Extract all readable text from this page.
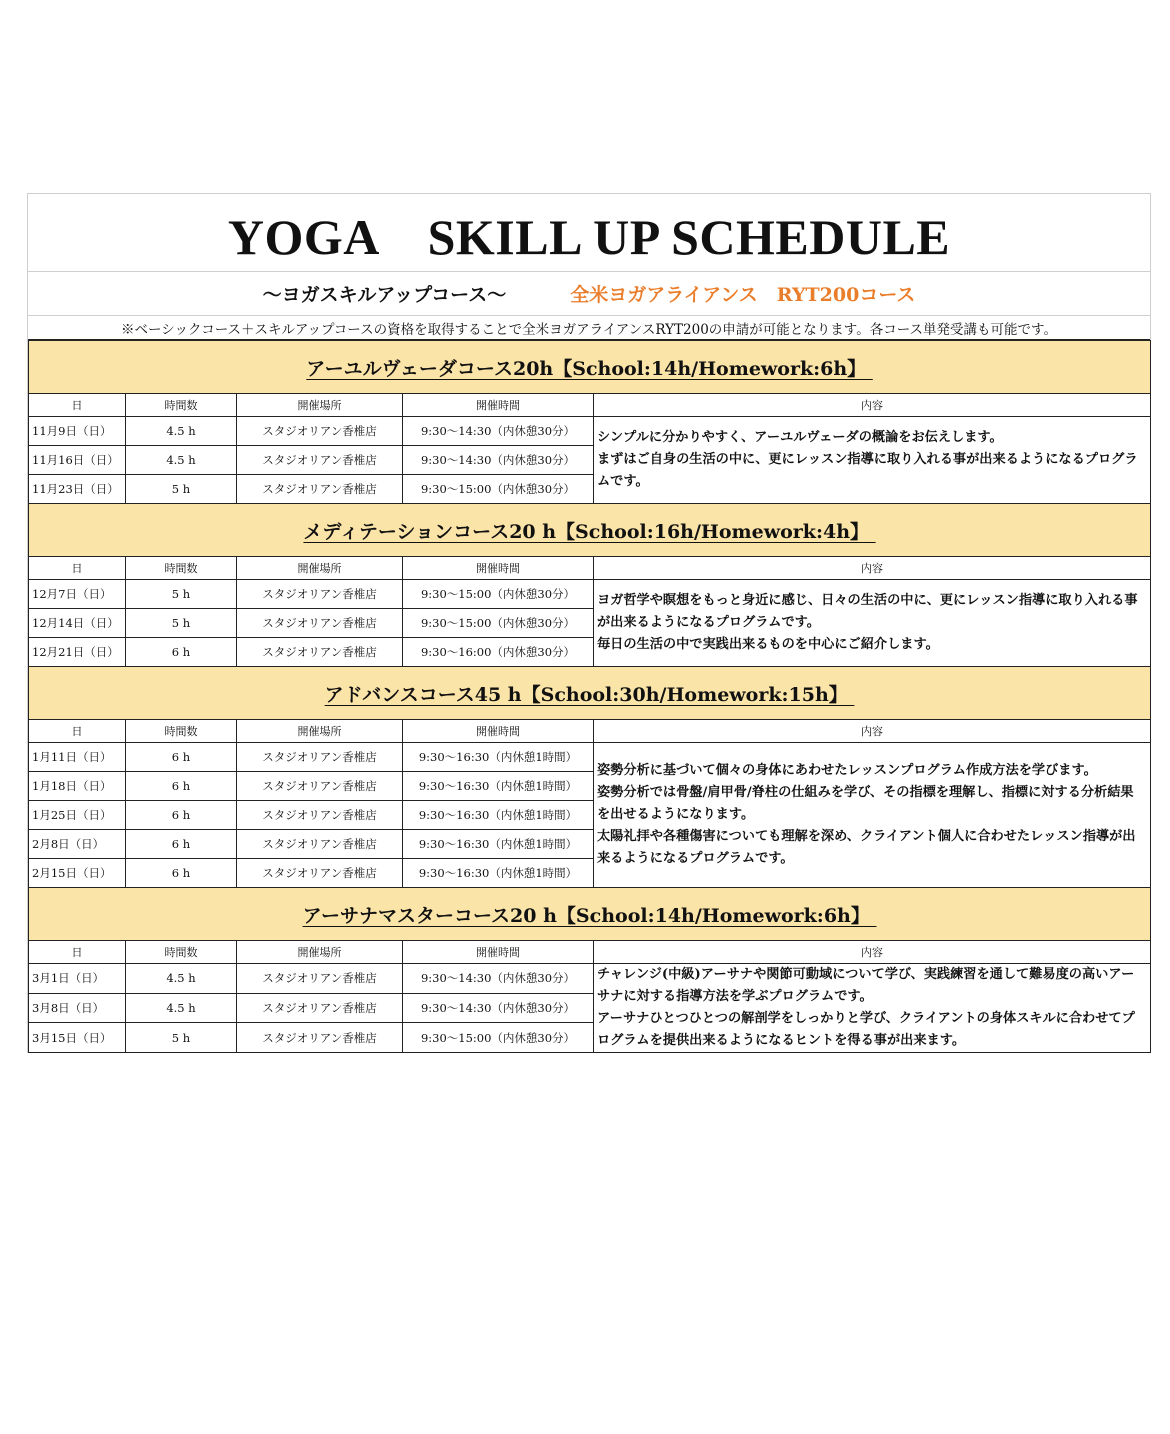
YOGA　SKILL UP SCHEDULE
〜ヨガスキルアップコース〜	全米ヨガアライアンス　RYT200コース
※ベーシックコース＋スキルアップコースの資格を取得することで全米ヨガアライアンスRYT200の申請が可能となります。各コース単発受講も可能です。
アーユルヴェーダコース20h【School:14h/Homework:6h】				
日	時間数	開催場所	開催時間	内容
11月9日（日）	4.5 h	スタジオリアン香椎店	9:30〜14:30（内休憩30分）	シンプルに分かりやすく、アーユルヴェーダの概論をお伝えします。
まずはご自身の生活の中に、更にレッスン指導に取り入れる事が出来るようになるプログラムです。

11月16日（日）	4.5 h	スタジオリアン香椎店	9:30〜14:30（内休憩30分）	
11月23日（日）	5 h	スタジオリアン香椎店	9:30〜15:00（内休憩30分）	
メディテーションコース20 h【School:16h/Homework:4h】				
日	時間数	開催場所	開催時間	内容
12月7日（日）	5 h	スタジオリアン香椎店	9:30〜15:00（内休憩30分）	ヨガ哲学や瞑想をもっと身近に感じ、日々の生活の中に、更にレッスン指導に取り入れる事が出来るようになるプログラムです。
毎日の生活の中で実践出来るものを中心にご紹介します。

12月14日（日）	5 h	スタジオリアン香椎店	9:30〜15:00（内休憩30分）	
12月21日（日）	6 h	スタジオリアン香椎店	9:30〜16:00（内休憩30分）	
アドバンスコース45 h【School:30h/Homework:15h】				
日	時間数	開催場所	開催時間	内容
1月11日（日）	6 h	スタジオリアン香椎店	9:30〜16:30（内休憩1時間）	姿勢分析に基づいて個々の身体にあわせたレッスンプログラム作成方法を学びます。
姿勢分析では骨盤/肩甲骨/脊柱の仕組みを学び、その指標を理解し、指標に対する分析結果を出せるようになります。
太陽礼拝や各種傷害についても理解を深め、クライアント個人に合わせたレッスン指導が出来るようになるプログラムです。

1月18日（日）	6 h	スタジオリアン香椎店	9:30〜16:30（内休憩1時間）	
1月25日（日）	6 h	スタジオリアン香椎店	9:30〜16:30（内休憩1時間）	
2月8日（日）	6 h	スタジオリアン香椎店	9:30〜16:30（内休憩1時間）	
2月15日（日）	6 h	スタジオリアン香椎店	9:30〜16:30（内休憩1時間）	
アーサナマスターコース20 h【School:14h/Homework:6h】				
日	時間数	開催場所	開催時間	内容
3月1日（日）	4.5 h	スタジオリアン香椎店	9:30〜14:30（内休憩30分）	チャレンジ(中級)アーサナや関節可動域について学び、実践練習を通して難易度の高いアーサナに対する指導方法を学ぶプログラムです。
アーサナひとつひとつの解剖学をしっかりと学び、クライアントの身体スキルに合わせてプログラムを提供出来るようになるヒントを得る事が出来ます。

3月8日（日）	4.5 h	スタジオリアン香椎店	9:30〜14:30（内休憩30分）	
3月15日（日）	5 h	スタジオリアン香椎店	9:30〜15:00（内休憩30分）	
